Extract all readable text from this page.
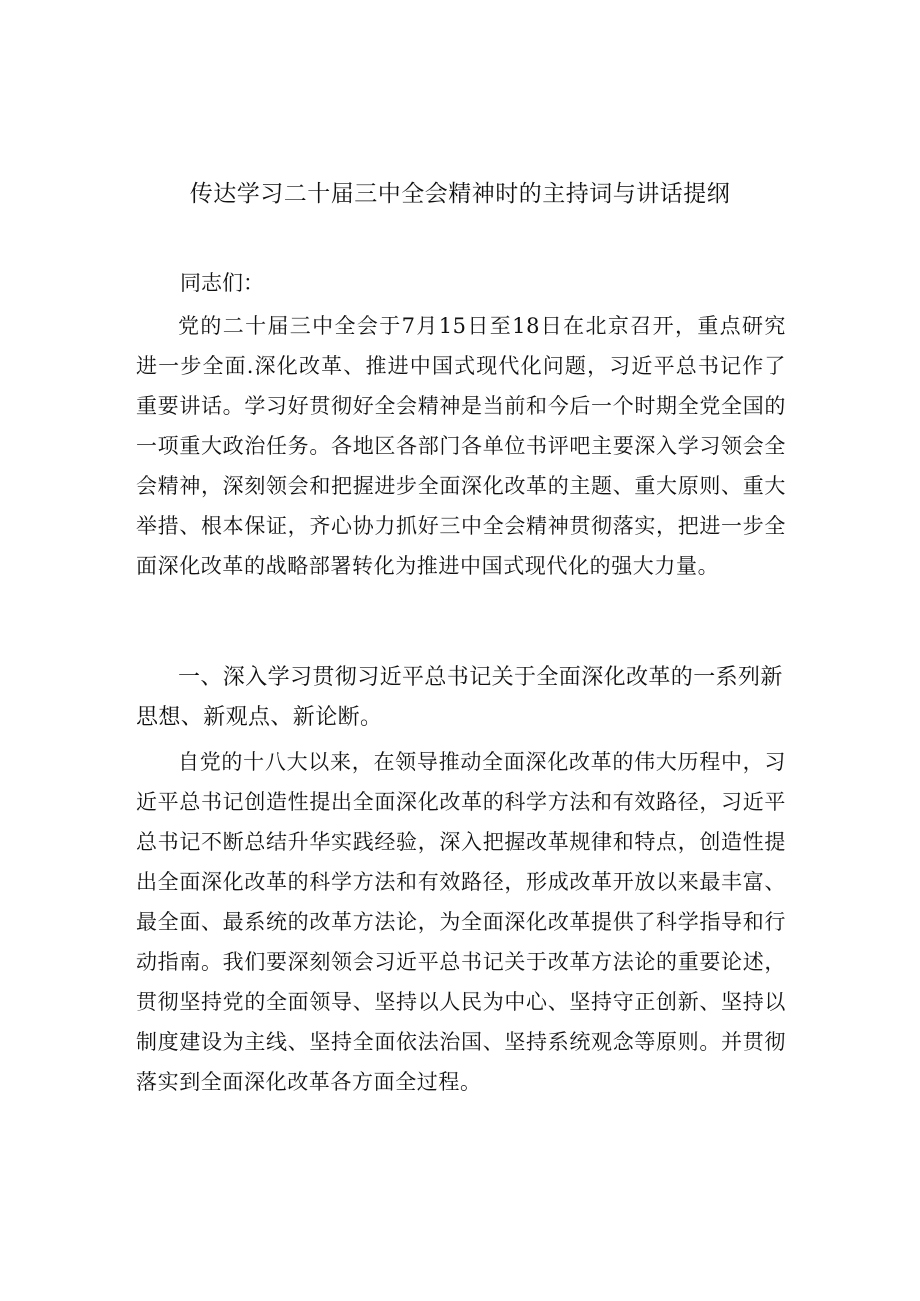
传达学习二十届三中全会精神时的主持词与讲话提纲
同志们：

党的二十届三中全会于7月15日至18日在北京召开，重点研究进一步全面.深化改革、推进中国式现代化问题，习近平总书记作了重要讲话。学习好贯彻好全会精神是当前和今后一个时期全党全国的一项重大政治任务。各地区各部门各单位书评吧主要深入学习领会全会精神，深刻领会和把握进步全面深化改革的主题、重大原则、重大举措、根本保证，齐心协力抓好三中全会精神贯彻落实，把进一步全面深化改革的战略部署转化为推进中国式现代化的强大力量。

一、深入学习贯彻习近平总书记关于全面深化改革的一系列新思想、新观点、新论断。

自党的十八大以来，在领导推动全面深化改革的伟大历程中，习近平总书记创造性提出全面深化改革的科学方法和有效路径，习近平总书记不断总结升华实践经验，深入把握改革规律和特点，创造性提出全面深化改革的科学方法和有效路径，形成改革开放以来最丰富、最全面、最系统的改革方法论，为全面深化改革提供了科学指导和行动指南。我们要深刻领会习近平总书记关于改革方法论的重要论述，贯彻坚持党的全面领导、坚持以人民为中心、坚持守正创新、坚持以制度建设为主线、坚持全面依法治国、坚持系统观念等原则。并贯彻落实到全面深化改革各方面全过程。
